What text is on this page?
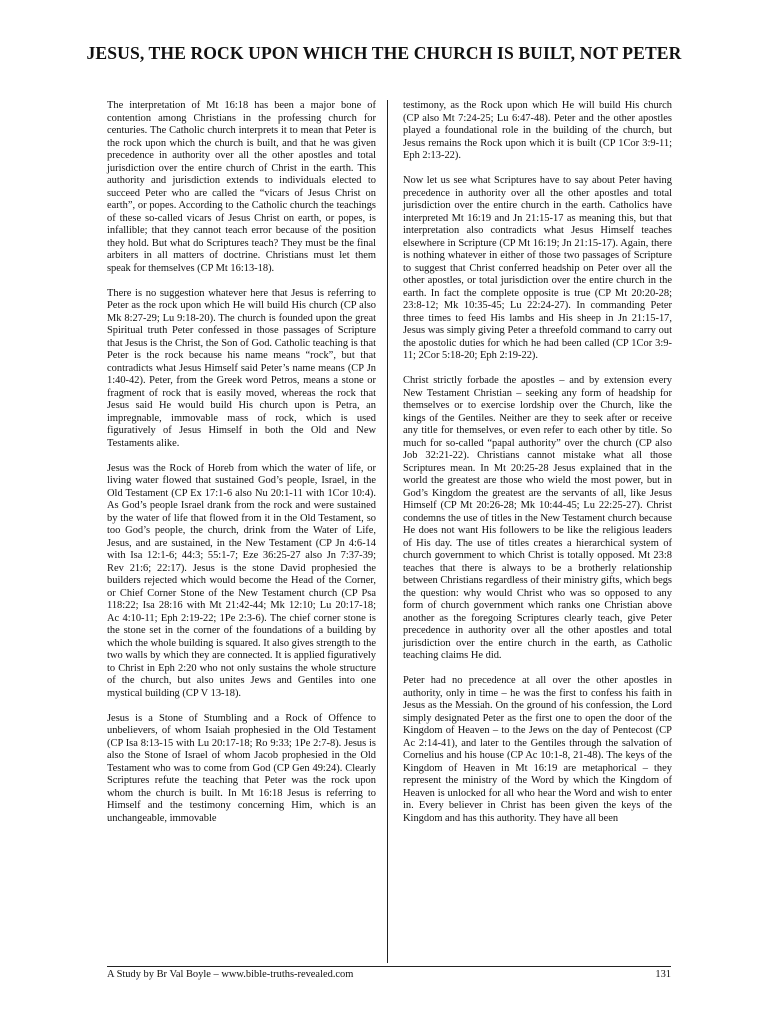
JESUS, THE ROCK UPON WHICH THE CHURCH IS BUILT, NOT PETER

The interpretation of Mt 16:18 has been a major bone of contention among Christians in the professing church for centuries. The Catholic church interprets it to mean that Peter is the rock upon which the church is built, and that he was given precedence in authority over all the other apostles and total jurisdiction over the entire church of Christ in the earth. This authority and jurisdiction extends to individuals elected to succeed Peter who are called the “vicars of Jesus Christ on earth”, or popes. According to the Catholic church the teachings of these so-called vicars of Jesus Christ on earth, or popes, is infallible; that they cannot teach error because of the position they hold. But what do Scriptures teach? They must be the final arbiters in all matters of doctrine. Christians must let them speak for themselves (CP Mt 16:13-18).

There is no suggestion whatever here that Jesus is referring to Peter as the rock upon which He will build His church (CP also Mk 8:27-29; Lu 9:18-20). The church is founded upon the great Spiritual truth Peter confessed in those passages of Scripture that Jesus is the Christ, the Son of God. Catholic teaching is that Peter is the rock because his name means “rock”, but that contradicts what Jesus Himself said Peter’s name means (CP Jn 1:40-42). Peter, from the Greek word Petros, means a stone or fragment of rock that is easily moved, whereas the rock that Jesus said He would build His church upon is Petra, an impregnable, immovable mass of rock, which is used figuratively of Jesus Himself in both the Old and New Testaments alike.

Jesus was the Rock of Horeb from which the water of life, or living water flowed that sustained God’s people, Israel, in the Old Testament (CP Ex 17:1-6 also Nu 20:1-11 with 1Cor 10:4). As God’s people Israel drank from the rock and were sustained by the water of life that flowed from it in the Old Testament, so too God’s people, the church, drink from the Water of Life, Jesus, and are sustained, in the New Testament (CP Jn 4:6-14 with Isa 12:1-6; 44:3; 55:1-7; Eze 36:25-27 also Jn 7:37-39; Rev 21:6; 22:17). Jesus is the stone David prophesied the builders rejected which would become the Head of the Corner, or Chief Corner Stone of the New Testament church (CP Psa 118:22; Isa 28:16 with Mt 21:42-44; Mk 12:10; Lu 20:17-18; Ac 4:10-11; Eph 2:19-22; 1Pe 2:3-6). The chief corner stone is the stone set in the corner of the foundations of a building by which the whole building is squared. It also gives strength to the two walls by which they are connected. It is applied figuratively to Christ in Eph 2:20 who not only sustains the whole structure of the church, but also unites Jews and Gentiles into one mystical building (CP V 13-18).

Jesus is a Stone of Stumbling and a Rock of Offence to unbelievers, of whom Isaiah prophesied in the Old Testament (CP Isa 8:13-15 with Lu 20:17-18; Ro 9:33; 1Pe 2:7-8). Jesus is also the Stone of Israel of whom Jacob prophesied in the Old Testament who was to come from God (CP Gen 49:24). Clearly Scriptures refute the teaching that Peter was the rock upon whom the church is built. In Mt 16:18 Jesus is referring to Himself and the testimony concerning Him, which is an unchangeable, immovable

testimony, as the Rock upon which He will build His church (CP also Mt 7:24-25; Lu 6:47-48). Peter and the other apostles played a foundational role in the building of the church, but Jesus remains the Rock upon which it is built (CP 1Cor 3:9-11; Eph 2:13-22).

Now let us see what Scriptures have to say about Peter having precedence in authority over all the other apostles and total jurisdiction over the entire church in the earth. Catholics have interpreted Mt 16:19 and Jn 21:15-17 as meaning this, but that interpretation also contradicts what Jesus Himself teaches elsewhere in Scripture (CP Mt 16:19; Jn 21:15-17). Again, there is nothing whatever in either of those two passages of Scripture to suggest that Christ conferred headship on Peter over all the other apostles, or total jurisdiction over the entire church in the earth. In fact the complete opposite is true (CP Mt 20:20-28; 23:8-12; Mk 10:35-45; Lu 22:24-27). In commanding Peter three times to feed His lambs and His sheep in Jn 21:15-17, Jesus was simply giving Peter a threefold command to carry out the apostolic duties for which he had been called (CP 1Cor 3:9-11; 2Cor 5:18-20; Eph 2:19-22).

Christ strictly forbade the apostles – and by extension every New Testament Christian – seeking any form of headship for themselves or to exercise lordship over the Church, like the kings of the Gentiles. Neither are they to seek after or receive any title for themselves, or even refer to each other by title. So much for so-called “papal authority” over the church (CP also Job 32:21-22). Christians cannot mistake what all those Scriptures mean. In Mt 20:25-28 Jesus explained that in the world the greatest are those who wield the most power, but in God’s Kingdom the greatest are the servants of all, like Jesus Himself (CP Mt 20:26-28; Mk 10:44-45; Lu 22:25-27). Christ condemns the use of titles in the New Testament church because He does not want His followers to be like the religious leaders of His day. The use of titles creates a hierarchical system of church government to which Christ is totally opposed. Mt 23:8 teaches that there is always to be a brotherly relationship between Christians regardless of their ministry gifts, which begs the question: why would Christ who was so opposed to any form of church government which ranks one Christian above another as the foregoing Scriptures clearly teach, give Peter precedence in authority over all the other apostles and total jurisdiction over the entire church in the earth, as Catholic teaching claims He did.

Peter had no precedence at all over the other apostles in authority, only in time – he was the first to confess his faith in Jesus as the Messiah. On the ground of his confession, the Lord simply designated Peter as the first one to open the door of the Kingdom of Heaven – to the Jews on the day of Pentecost (CP Ac 2:14-41), and later to the Gentiles through the salvation of Cornelius and his house (CP Ac 10:1-8, 21-48). The keys of the Kingdom of Heaven in Mt 16:19 are metaphorical – they represent the ministry of the Word by which the Kingdom of Heaven is unlocked for all who hear the Word and wish to enter in. Every believer in Christ has been given the keys of the Kingdom and has this authority. They have all been

A Study by Br Val Boyle – www.bible-truths-revealed.com	131
